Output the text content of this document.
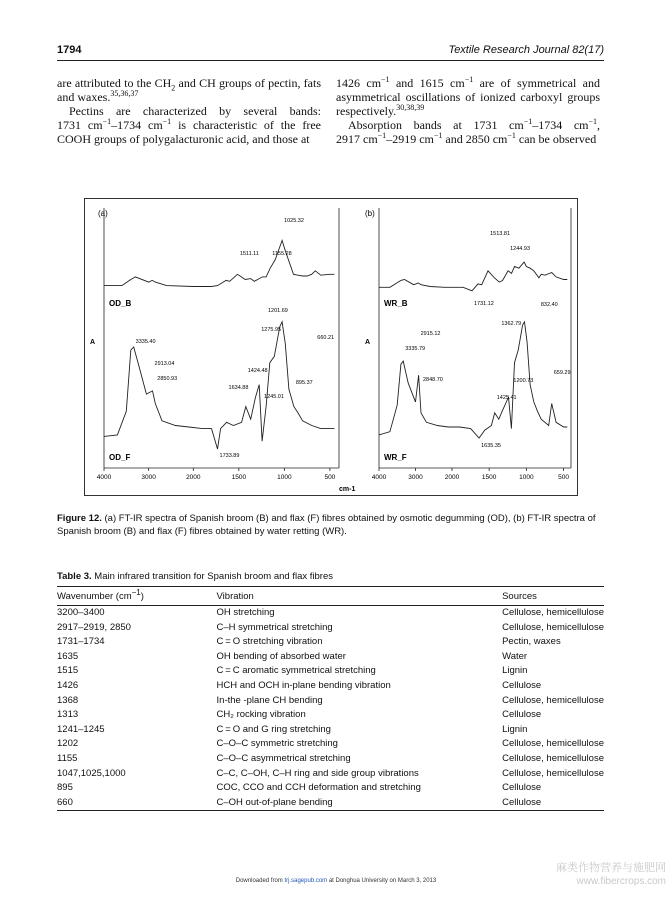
1794	Textile Research Journal 82(17)

are attributed to the $CH_2$ and CH groups of pectin, fats and waxes.$^{35,36,37}$

Pectins are characterized by several bands: 1731 $cm^{-1}-1734$ $cm^{-1}$ is characteristic of the free COOH groups of polygalacturonic acid, and those at

1426 $cm^{-1}$ and 1615 $cm^{-1}$ are of symmetrical and asymmetrical oscillations of ionized carboxyl groups respectively.$^{30,38,39}$

Absorption bands at 1731 $cm^{-1}-1734$ $cm^{-1}$, 2917 $cm^{-1}-2919$ $cm^{-1}$ and 2850 $cm^{-1}$ can be observed

(a)
A
4000	3000	2000	1500	1000	500
OD_B
OD_F
1025.32
1511.11 1155.28
1201.69
660.21
3335.40
2913.04
2850.93
1634.88
1424.48
1275.95
1245.01
895.37
1733.89
(b)
A
4000	3000	2000	1500	1000	500
WR_B
WR_F
1513.81
1244.93
1731.12
1362.79
832.40
2915.12
3335.79
2848.70	1200.73
659.29
1425.41
1635.35
cm-1
Figure 12. (a) FT-IR spectra of Spanish broom (B) and flax (F) fibres obtained by osmotic degumming (OD), (b) FT-IR spectra of Spanish broom (B) and flax (F) fibres obtained by water retting (WR).
Table 3. Main infrared transition for Spanish broom and flax fibres
Wavenumber $(cm^{-1})$	Vibration	Sources
3200–3400	OH stretching	Cellulose, hemicellulose
2917–2919, 2850	C–H symmetrical stretching	Cellulose, hemicellulose
1731–1734	C = O stretching vibration	Pectin, waxes
1635	OH bending of absorbed water	Water
1515	C = C aromatic symmetrical stretching	Lignin
1426	HCH and OCH in-plane bending vibration	Cellulose
1368	In-the -plane CH bending	Cellulose, hemicellulose
1313	CH₂ rocking vibration	Cellulose
1241–1245	C = O and G ring stretching	Lignin
1202	C–O–C symmetric stretching	Cellulose, hemicellulose
1155	C–O–C asymmetrical stretching	Cellulose, hemicellulose
1047,1025,1000	C–C, C–OH, C–H ring and side group vibrations	Cellulose, hemicellulose
895	COC, CCO and CCH deformation and stretching	Cellulose
660	C–OH out-of-plane bending	Cellulose
Downloaded from trj.sagepub.com at Donghua University on March 3, 2013
麻类作物营养与施肥网
www.fibercrops.com
